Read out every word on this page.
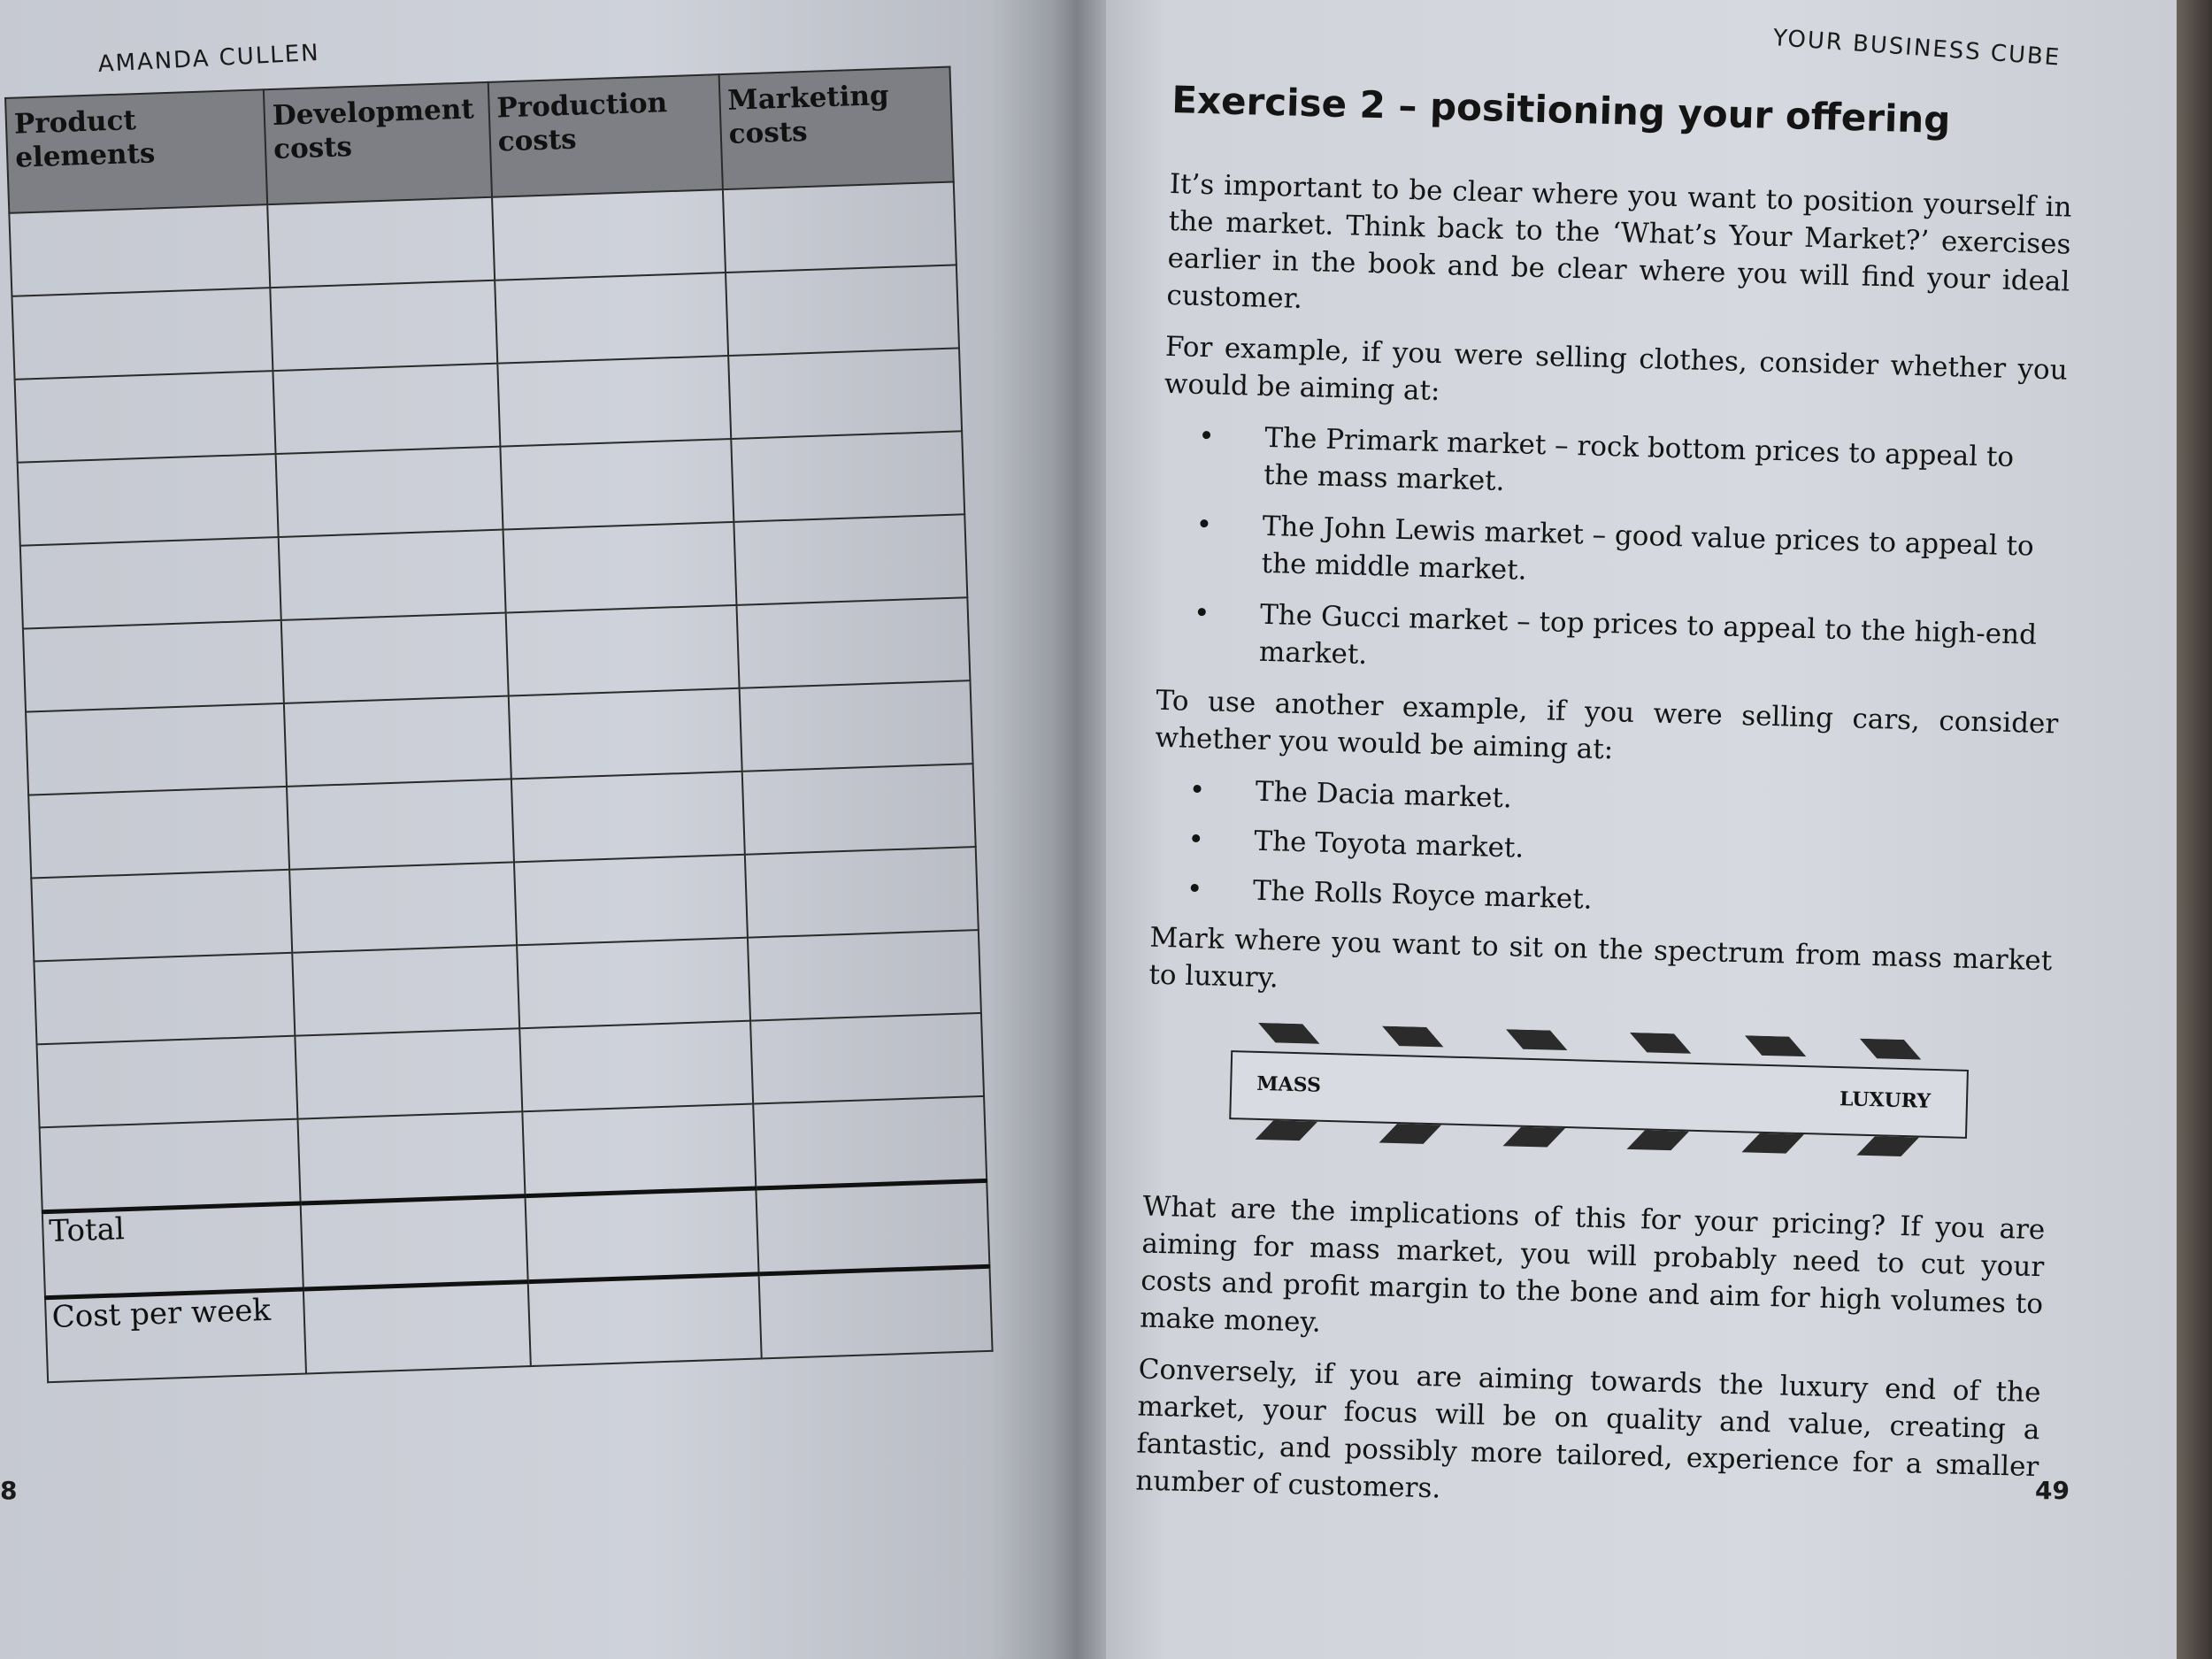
AMANDA CULLEN	YOUR BUSINESS CUBE
8	49
Product elements	Development costs	Production costs	Marketing costs

Total			
Cost per week			
Exercise 2 – positioning your offering

It’s important to be clear where you want to position yourself in the market. Think back to the ‘What’s Your Market?’ exercises earlier in the book and be clear where you will find your ideal customer.

For example, if you were selling clothes, consider whether you would be aiming at:

• The Primark market – rock bottom prices to appeal to the mass market.
• The John Lewis market – good value prices to appeal to the middle market.
• The Gucci market – top prices to appeal to the high-end market.

To use another example, if you were selling cars, consider whether you would be aiming at:

• The Dacia market.
• The Toyota market.
• The Rolls Royce market.

Mark where you want to sit on the spectrum from mass market to luxury.

MASS
LUXURY

What are the implications of this for your pricing? If you are aiming for mass market, you will probably need to cut your costs and profit margin to the bone and aim for high volumes to make money.

Conversely, if you are aiming towards the luxury end of the market, your focus will be on quality and value, creating a fantastic, and possibly more tailored, experience for a smaller number of customers.
